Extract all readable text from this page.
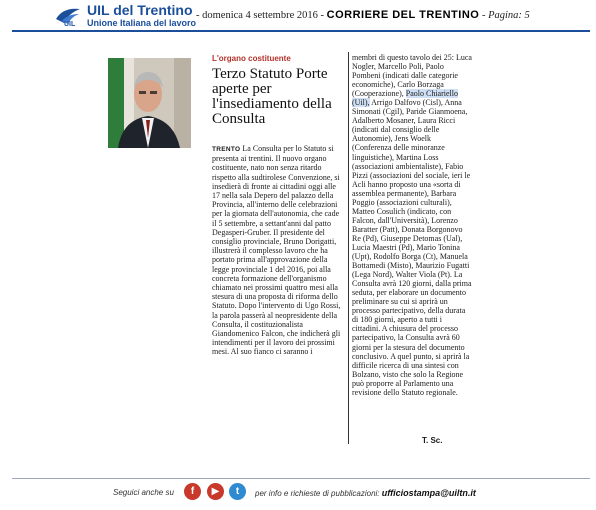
UIL
UIL del Trentino
Unione Italiana del lavoro
- domenica 4 settembre 2016 - CORRIERE DEL TRENTINO - Pagina: 5
L'organo costituente
Terzo Statuto Porte aperte per l'insediamento della Consulta
TRENTO La Consulta per lo Statuto si presenta ai trentini. Il nuovo organo costituente, nato non senza ritardo rispetto alla sudtirolese Convenzione, si insedierà di fronte ai cittadini oggi alle 17 nella sala Depero del palazzo della Provincia, all'interno delle celebrazioni per la giornata dell'autonomia, che cade il 5 settembre, a settant'anni dal patto Degasperi-Gruber. Il presidente del consiglio provinciale, Bruno Dorigatti, illustrerà il complesso lavoro che ha portato prima all'approvazione della legge provinciale 1 del 2016, poi alla concreta formazione dell'organismo chiamato nei prossimi quattro mesi alla stesura di una proposta di riforma dello Statuto. Dopo l'intervento di Ugo Rossi, la parola passerà al neopresidente della Consulta, il costituzionalista Giandomenico Falcon, che indicherà gli intendimenti per il lavoro dei prossimi mesi. Al suo fianco ci saranno i
membri di questo tavolo dei 25: Luca Nogler, Marcello Poli, Paolo Pombeni (indicati dalle categorie economiche), Carlo Borzaga (Cooperazione), Paolo Chiariello (Uil), Arrigo Dalfovo (Cisl), Anna Simonati (Cgil), Paride Gianmoena, Adalberto Mosaner, Laura Ricci (indicati dal consiglio delle Autonomie), Jens Woelk (Conferenza delle minoranze linguistiche), Martina Loss (associazioni ambientaliste), Fabio Pizzi (associazioni del sociale, ieri le Acli hanno proposto una «sorta di assemblea permanente), Barbara Poggio (associazioni culturali), Matteo Cosulich (indicato, con Falcon, dall'Università), Lorenzo Baratter (Patt), Donata Borgonovo Re (Pd), Giuseppe Detomas (Ual), Lucia Maestri (Pd), Mario Tonina (Upt), Rodolfo Borga (Ct), Manuela Bottamedi (Misto), Maurizio Fugatti (Lega Nord), Walter Viola (Pt). La Consulta avrà 120 giorni, dalla prima seduta, per elaborare un documento preliminare su cui si aprirà un processo partecipativo, della durata di 180 giorni, aperto a tutti i cittadini. A chiusura del processo partecipativo, la Consulta avrà 60 giorni per la stesura del documento conclusivo. A quel punto, si aprirà la difficile ricerca di una sintesi con Bolzano, visto che solo la Regione può proporre al Parlamento una revisione dello Statuto regionale.
T. Sc.
Seguici anche su	f	▶	t	per info e richieste di pubblicazioni: ufficiostampa@uiltn.it
